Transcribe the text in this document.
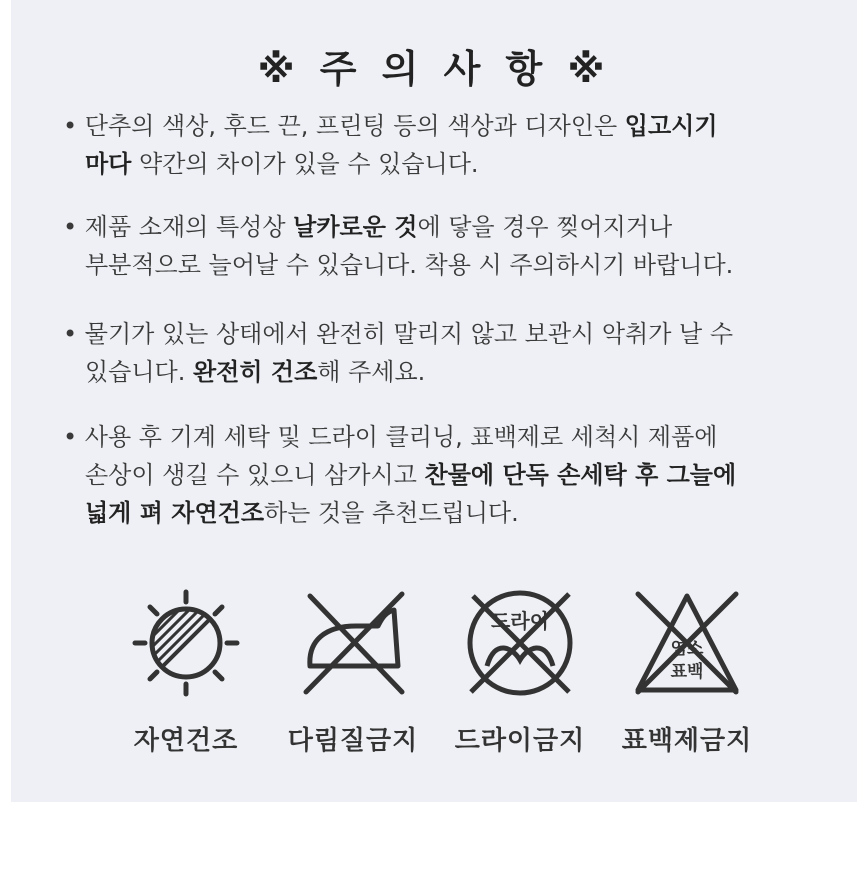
※ 주 의 사 항 ※
• 단추의 색상, 후드 끈, 프린팅 등의 색상과 디자인은 입고시기
마다 약간의 차이가 있을 수 있습니다.
• 제품 소재의 특성상 날카로운 것에 닿을 경우 찢어지거나
부분적으로 늘어날 수 있습니다. 착용 시 주의하시기 바랍니다.
• 물기가 있는 상태에서 완전히 말리지 않고 보관시 악취가 날 수
있습니다. 완전히 건조해 주세요.
• 사용 후 기계 세탁 및 드라이 클리닝, 표백제로 세척시 제품에
손상이 생길 수 있으니 삼가시고 찬물에 단독 손세탁 후 그늘에
넓게 펴 자연건조하는 것을 추천드립니다.
자연건조	다림질금지
드라이
드라이금지
염소
표백
표백제금지
